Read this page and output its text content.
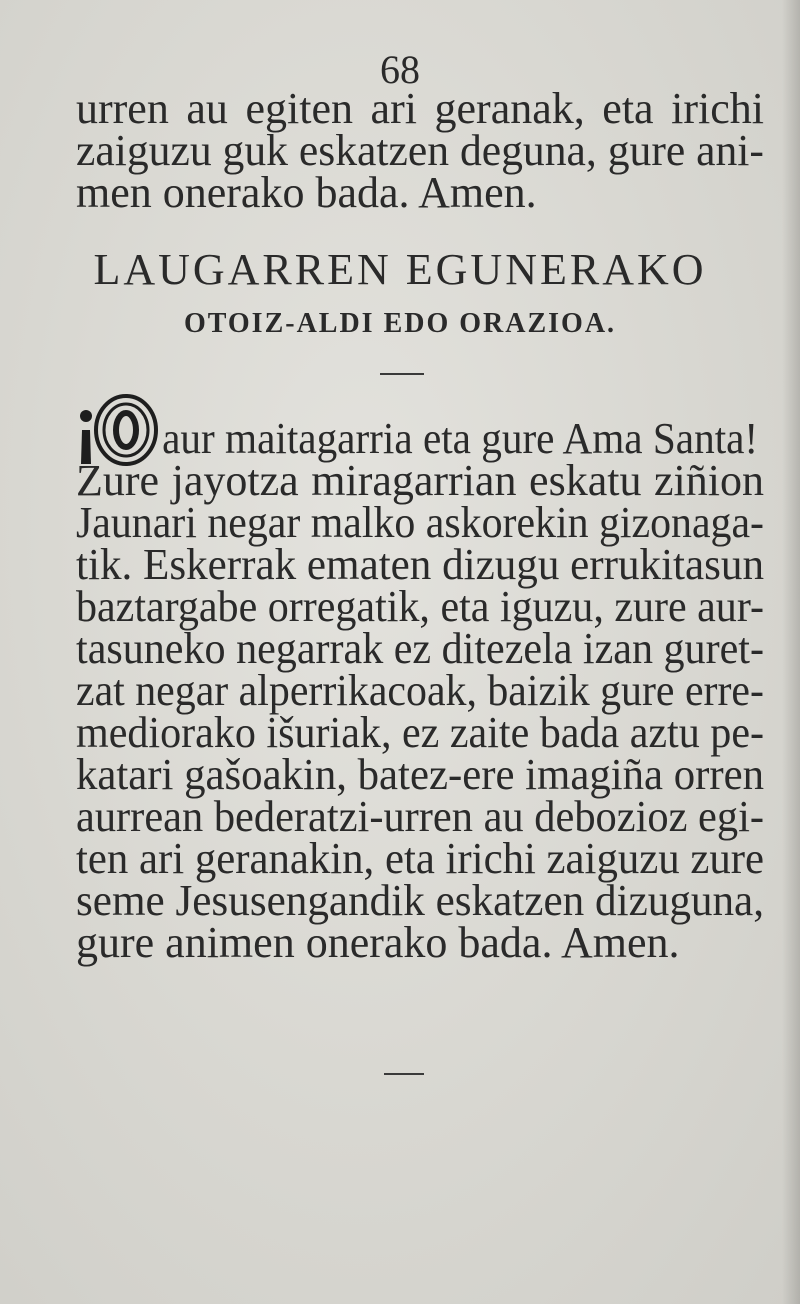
68
urren au egiten ari geranak, eta irichi
zaiguzu guk eskatzen deguna, gure ani-
men onerako bada. Amen.
LAUGARREN EGUNERAKO
OTOIZ-ALDI EDO ORAZIOA.
aur maitagarria eta gure Ama Santa!
Zure jayotza miragarrian eskatu ziñion
Jaunari negar malko askorekin gizonaga-
tik. Eskerrak ematen dizugu errukitasun
baztargabe orregatik, eta iguzu, zure aur-
tasuneko negarrak ez ditezela izan guret-
zat negar alperrikacoak, baizik gure erre-
mediorako išuriak, ez zaite bada aztu pe-
katari gašoakin, batez-ere imagiña orren
aurrean bederatzi-urren au debozioz egi-
ten ari geranakin, eta irichi zaiguzu zure
seme Jesusengandik eskatzen dizuguna,
gure animen onerako bada. Amen.
